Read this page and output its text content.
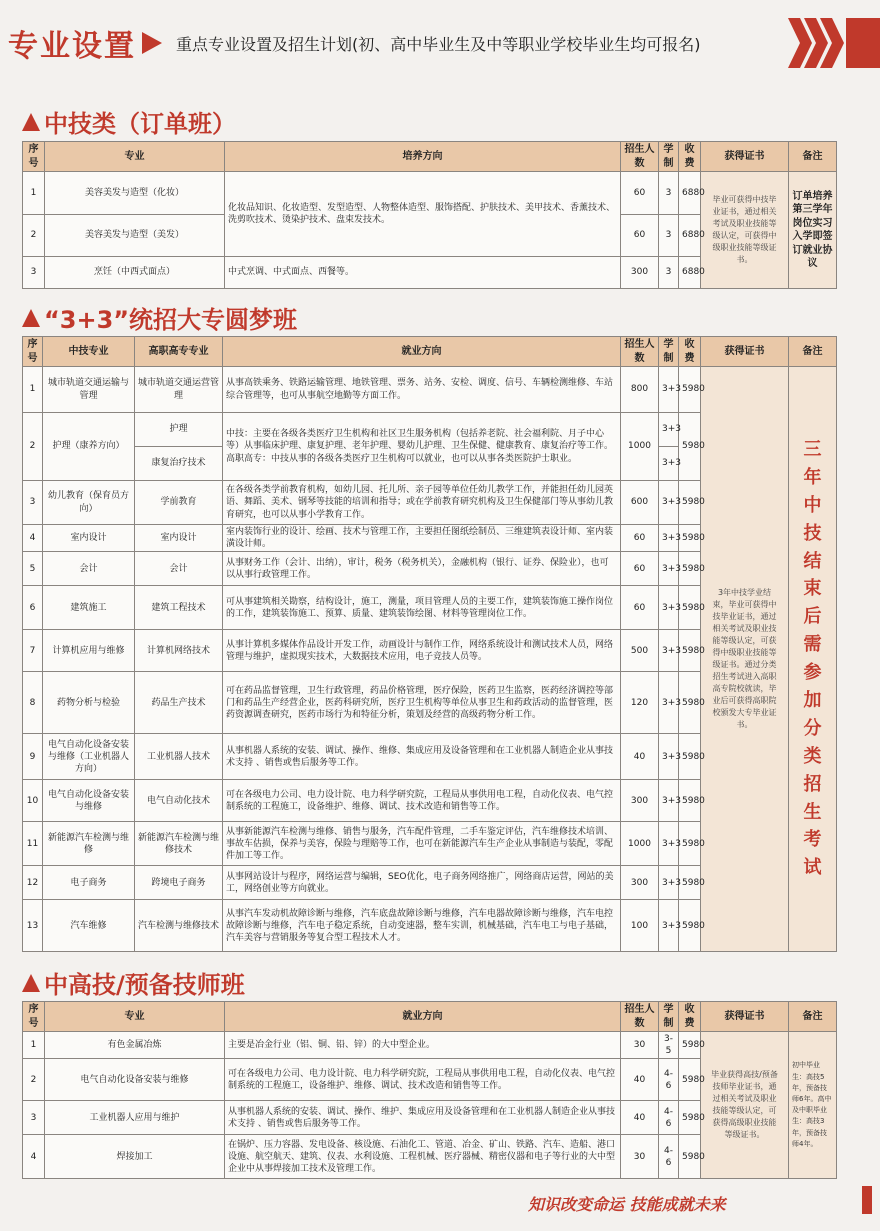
专业设置	重点专业设置及招生计划(初、高中毕业生及中等职业学校毕业生均可报名)
中技类（订单班）
序号	专业	培养方向	招生人数	学制	收费	获得证书	备注
1	美容美发与造型（化妆）	化妆品知识、化妆造型、发型造型、人物整体造型、服饰搭配、护肤技术、美甲技术、香薰技术、洗剪吹技术、烫染护技术、盘束发技术。	60	3	6880	毕业可获得中技毕业证书，通过相关考试及职业技能等级认定，可获得中级职业技能等级证书。	订单培养第三学年岗位实习入学即签订就业协议
2	美容美发与造型（美发）		60	3	6880		
3	烹饪（中西式面点）	中式烹调、中式面点、西餐等。	300	3	6880		
“3+3”统招大专圆梦班
序号	中技专业	高职高专专业	就业方向	招生人数	学制	收费	获得证书	备注
1	城市轨道交通运输与管理	城市轨道交通运营管理	从事高铁乘务、铁路运输管理、地铁管理、票务、站务、安检、调度、信号、车辆检测维修、车站综合管理等，也可从事航空地勤等方面工作。	800	3+3	5980	3年中技学业结束，毕业可获得中技毕业证书，通过相关考试及职业技能等级认定，可获得中级职业技能等级证书。通过分类招生考试进入高职高专院校就读，毕业后可获得高职院校颁发大专毕业证书。	三年中技结束后需参加分类招生考试
2	护理（康养方向）	护理	中技：主要在各级各类医疗卫生机构和社区卫生服务机构（包括养老院、社会福利院、月子中心等）从事临床护理、康复护理、老年护理、婴幼儿护理、卫生保健、健康教育、康复治疗等工作。高职高专：中技从事的各级各类医疗卫生机构可以就业，也可以从事各类医院护士职业。	1000	3+3	5980		
		康复治疗技术			3+3			
3	幼儿教育（保育员方向）	学前教育	在各级各类学前教育机构，如幼儿园、托儿所、亲子园等单位任幼儿教学工作，并能担任幼儿园英语、舞蹈、美术、钢琴等技能的培训和指导；或在学前教育研究机构及卫生保健部门等从事幼儿教育研究，也可以从事小学教育工作。	600	3+3	5980		
4	室内设计	室内设计	室内装饰行业的设计、绘画、技术与管理工作，主要担任图纸绘制员、三维建筑表设计师、室内装潢设计师。	60	3+3	5980		
5	会计	会计	从事财务工作（会计、出纳），审计，税务（税务机关），金融机构（银行、证券、保险业），也可以从事行政管理工作。	60	3+3	5980		
6	建筑施工	建筑工程技术	可从事建筑相关勘察，结构设计，施工，测量，项目管理人员的主要工作，建筑装饰施工操作岗位的工作，建筑装饰施工、预算、质量、建筑装饰绘图、材料等管理岗位工作。	60	3+3	5980		
7	计算机应用与维修	计算机网络技术	从事计算机多媒体作品设计开发工作，动画设计与制作工作，网络系统设计和测试技术人员，网络管理与维护，虚拟现实技术，大数据技术应用，电子竞技人员等。	500	3+3	5980		
8	药物分析与检验	药品生产技术	可在药品监督管理，卫生行政管理，药品价格管理，医疗保险，医药卫生监察，医药经济调控等部门和药品生产经营企业，医药科研究所，医疗卫生机构等单位从事卫生和药政活动的监督管理，医药资源调查研究，医药市场行为和特征分析，策划及经营的高级药物分析工作。	120	3+3	5980		
9	电气自动化设备安装与维修（工业机器人方向）	工业机器人技术	从事机器人系统的安装、调试、操作、维修、集成应用及设备管理和在工业机器人制造企业从事技术支持 、销售或售后服务等工作。	40	3+3	5980		
10	电气自动化设备安装与维修	电气自动化技术	可在各级电力公司、电力设计院、电力科学研究院，工程局从事供用电工程，自动化仪表、电气控制系统的工程施工，设备维护、维修、调试、技术改造和销售等工作。	300	3+3	5980		
11	新能源汽车检测与维修	新能源汽车检测与维修技术	从事新能源汽车检测与维修、销售与服务，汽车配件管理，二手车鉴定评估，汽车维修技术培训、事故车估损，保养与美容，保险与理赔等工作，也可在新能源汽车生产企业从事制造与装配，零配件加工等工作。	1000	3+3	5980		
12	电子商务	跨境电子商务	从事网站设计与程序，网络运营与编辑，SEO优化，电子商务网络推广，网络商店运营，网站的美工，网络创业等方向就业。	300	3+3	5980		
13	汽车维修	汽车检测与维修技术	从事汽车发动机故障诊断与维修，汽车底盘故障诊断与维修，汽车电器故障诊断与维修，汽车电控故障诊断与维修，汽车电子稳定系统，自动变速器，整车实训，机械基础，汽车电工与电子基础，汽车美容与营销服务等复合型工程技术人才。	100	3+3	5980		
中高技/预备技师班
序号	专业	就业方向	招生人数	学制	收费	获得证书	备注
1	有色金属冶炼	主要是冶金行业（铝、铜、铅、锌）的大中型企业。	30	3-5	5980	毕业获得高技/预备技师毕业证书，通过相关考试及职业技能等级认定，可获得高级职业技能等级证书。	初中毕业生：高技5年，预备技师6年。高中及中职毕业生：高技3年，预备技师4年。
2	电气自动化设备安装与维修	可在各级电力公司、电力设计院、电力科学研究院，工程局从事供用电工程，自动化仪表、电气控制系统的工程施工，设备维护、维修、调试、技术改造和销售等工作。	40	4-6	5980		
3	工业机器人应用与维护	从事机器人系统的安装、调试、操作、维护、集成应用及设备管理和在工业机器人制造企业从事技术支持 、销售或售后服务等工作。	40	4-6	5980		
4	焊接加工	在锅炉、压力容器、发电设备、核设施、石油化工、管道、冶金、矿山、铁路、汽车、造船、港口设施、航空航天、建筑、仪表、水利设施、工程机械、医疗器械、精密仪器和电子等行业的大中型企业中从事焊接加工技术及管理工作。	30	4-6	5980		
知识改变命运 技能成就未来
